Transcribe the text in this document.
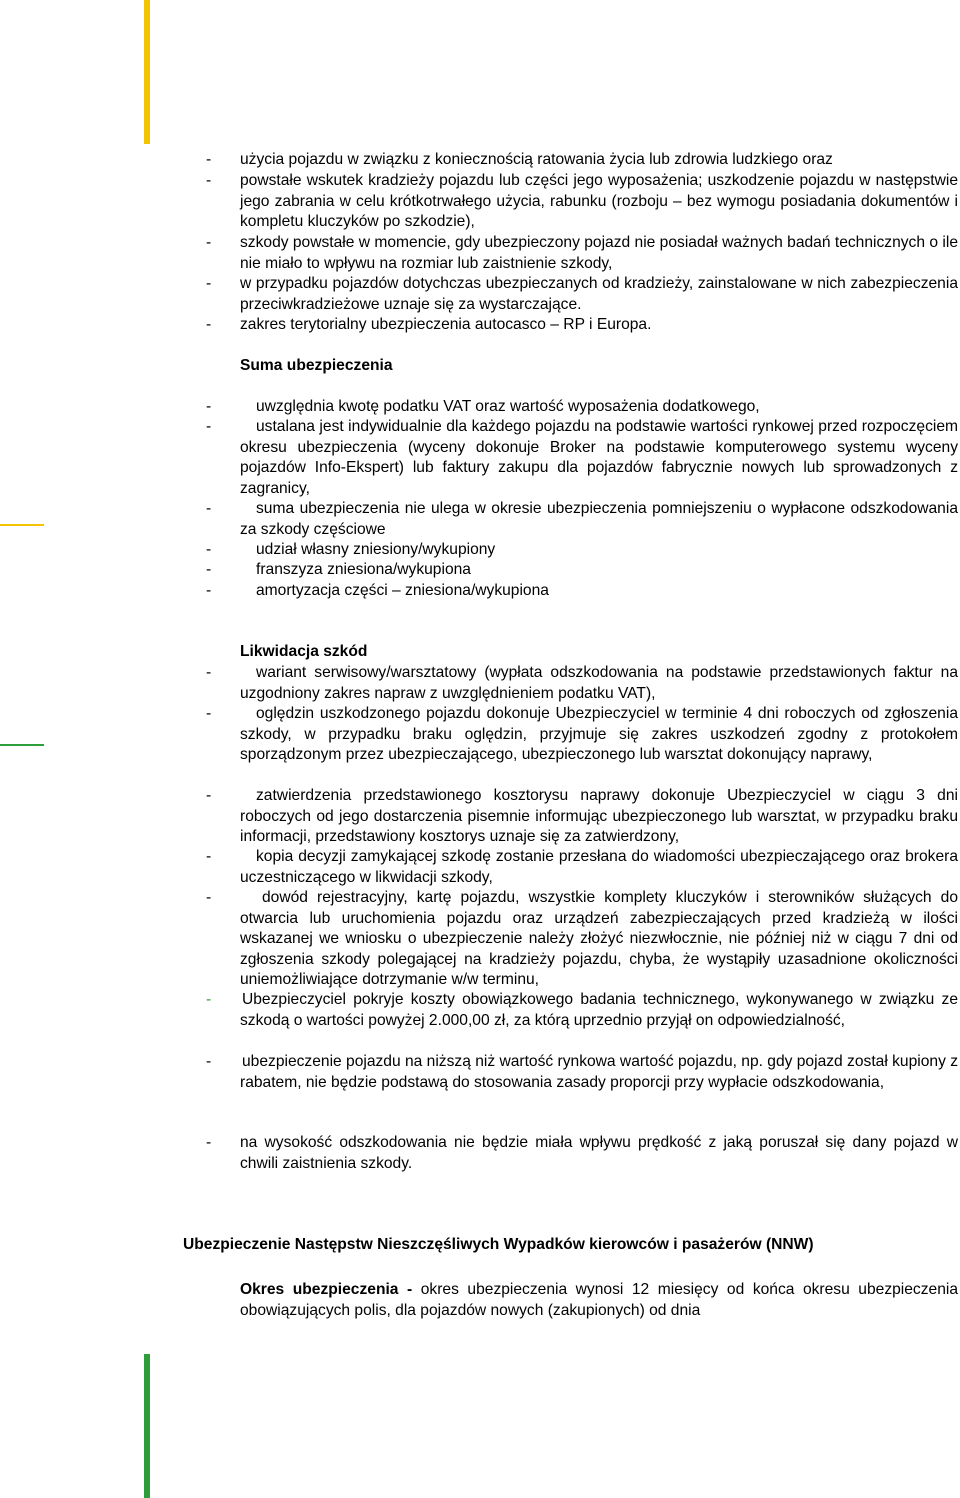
- użycia pojazdu w związku z koniecznością ratowania życia lub zdrowia ludzkiego oraz
- powstałe wskutek kradzieży pojazdu lub części jego wyposażenia; uszkodzenie pojazdu w następstwie jego zabrania w celu krótkotrwałego użycia, rabunku (rozboju – bez wymogu posiadania dokumentów i kompletu kluczyków po szkodzie),
- szkody powstałe w momencie, gdy ubezpieczony pojazd nie posiadał ważnych badań technicznych o ile nie miało to wpływu na rozmiar lub zaistnienie szkody,
- w przypadku pojazdów dotychczas ubezpieczanych od kradzieży, zainstalowane w nich zabezpieczenia przeciwkradzieżowe uznaje się za wystarczające.
- zakres terytorialny ubezpieczenia autocasco – RP i Europa.
Suma ubezpieczenia
-	uwzględnia kwotę podatku VAT oraz wartość wyposażenia dodatkowego,
-	ustalana jest indywidualnie dla każdego pojazdu na podstawie wartości rynkowej przed rozpoczęciem okresu ubezpieczenia (wyceny dokonuje Broker na podstawie komputerowego systemu wyceny pojazdów Info-Ekspert) lub faktury zakupu dla pojazdów fabrycznie nowych lub sprowadzonych z zagranicy,
-	suma ubezpieczenia nie ulega w okresie ubezpieczenia pomniejszeniu o wypłacone odszkodowania za szkody częściowe
-	udział własny zniesiony/wykupiony
-	franszyza zniesiona/wykupiona
-	amortyzacja części – zniesiona/wykupiona
Likwidacja szkód
-	wariant serwisowy/warsztatowy (wypłata odszkodowania na podstawie przedstawionych faktur na uzgodniony zakres napraw z uwzględnieniem podatku VAT),
-	oględzin uszkodzonego pojazdu dokonuje Ubezpieczyciel w terminie 4 dni roboczych od zgłoszenia szkody, w przypadku braku oględzin, przyjmuje się zakres uszkodzeń zgodny z protokołem sporządzonym przez ubezpieczającego, ubezpieczonego lub warsztat dokonujący naprawy,
-	zatwierdzenia przedstawionego kosztorysu naprawy dokonuje Ubezpieczyciel w ciągu 3 dni roboczych od jego dostarczenia pisemnie informując ubezpieczonego lub warsztat, w przypadku braku informacji, przedstawiony kosztorys uznaje się za zatwierdzony,
-	kopia decyzji zamykającej szkodę zostanie przesłana do wiadomości ubezpieczającego oraz brokera uczestniczącego w likwidacji szkody,
-	dowód rejestracyjny, kartę pojazdu, wszystkie komplety kluczyków i sterowników służących do otwarcia lub uruchomienia pojazdu oraz urządzeń zabezpieczających przed kradzieżą w ilości wskazanej we wniosku o ubezpieczenie należy złożyć niezwłocznie, nie później niż w ciągu 7 dni od zgłoszenia szkody polegającej na kradzieży pojazdu, chyba, że wystąpiły uzasadnione okoliczności uniemożliwiające dotrzymanie w/w terminu,
- Ubezpieczyciel pokryje koszty obowiązkowego badania technicznego, wykonywanego w związku ze szkodą o wartości powyżej 2.000,00 zł, za którą uprzednio przyjął on odpowiedzialność,
- ubezpieczenie pojazdu na niższą niż wartość rynkowa wartość pojazdu, np. gdy pojazd został kupiony z rabatem, nie będzie podstawą do stosowania zasady proporcji przy wypłacie odszkodowania,
- na wysokość odszkodowania nie będzie miała wpływu prędkość z jaką poruszał się dany pojazd w chwili zaistnienia szkody.
Ubezpieczenie Następstw Nieszczęśliwych Wypadków kierowców i pasażerów (NNW)
Okres ubezpieczenia - okres ubezpieczenia wynosi 12 miesięcy od końca okresu ubezpieczenia obowiązujących polis, dla pojazdów nowych (zakupionych) od dnia
